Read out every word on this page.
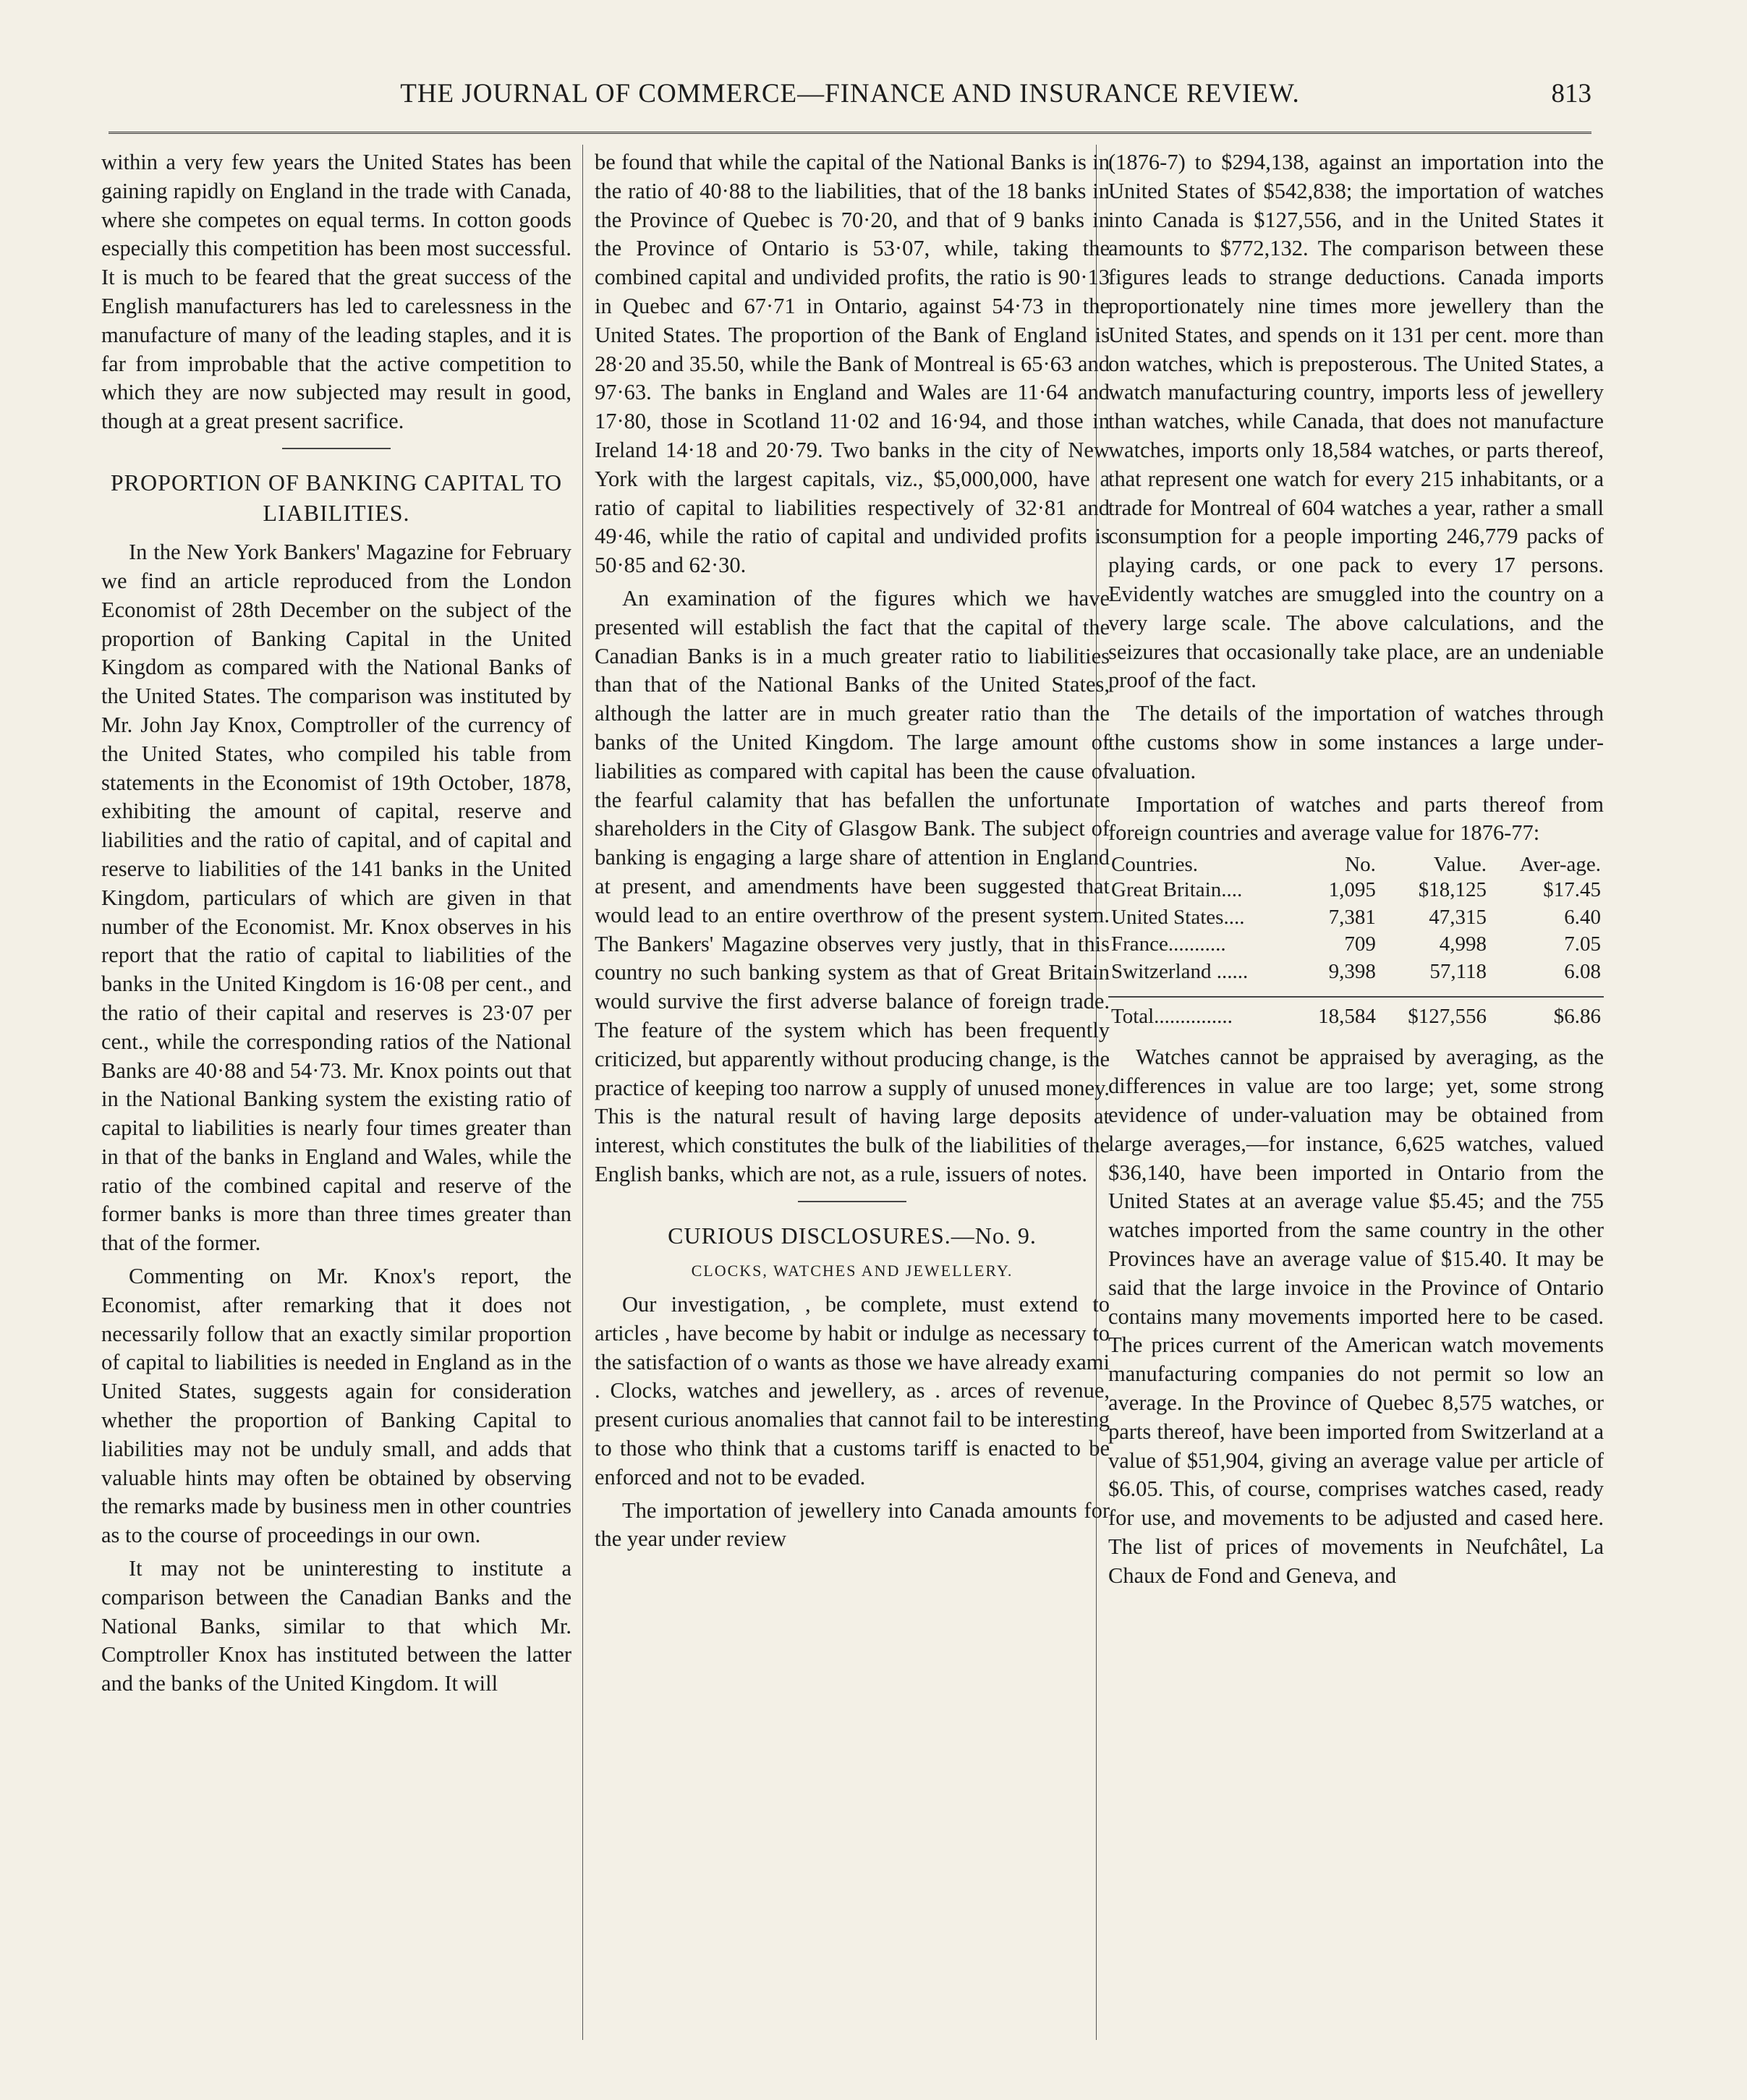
THE JOURNAL OF COMMERCE—FINANCE AND INSURANCE REVIEW.	813

within a very few years the United States has been gaining rapidly on England in the trade with Canada, where she competes on equal terms. In cotton goods especially this competition has been most successful. It is much to be feared that the great success of the English manufacturers has led to carelessness in the manufacture of many of the leading staples, and it is far from improbable that the active competition to which they are now subjected may result in good, though at a great present sacrifice.

PROPORTION OF BANKING CAPITAL TO LIABILITIES.

In the New York Bankers' Magazine for February we find an article reproduced from the London Economist of 28th December on the subject of the proportion of Banking Capital in the United Kingdom as compared with the National Banks of the United States. The comparison was instituted by Mr. John Jay Knox, Comptroller of the currency of the United States, who compiled his table from statements in the Economist of 19th October, 1878, exhibiting the amount of capital, reserve and liabilities and the ratio of capital, and of capital and reserve to liabilities of the 141 banks in the United Kingdom, particulars of which are given in that number of the Economist. Mr. Knox observes in his report that the ratio of capital to liabilities of the banks in the United Kingdom is 16·08 per cent., and the ratio of their capital and reserves is 23·07 per cent., while the corresponding ratios of the National Banks are 40·88 and 54·73. Mr. Knox points out that in the National Banking system the existing ratio of capital to liabilities is nearly four times greater than in that of the banks in England and Wales, while the ratio of the combined capital and reserve of the former banks is more than three times greater than that of the former.

Commenting on Mr. Knox's report, the Economist, after remarking that it does not necessarily follow that an exactly similar proportion of capital to liabilities is needed in England as in the United States, suggests again for consideration whether the proportion of Banking Capital to liabilities may not be unduly small, and adds that valuable hints may often be obtained by observing the remarks made by business men in other countries as to the course of proceedings in our own.

It may not be uninteresting to institute a comparison between the Canadian Banks and the National Banks, similar to that which Mr. Comptroller Knox has instituted between the latter and the banks of the United Kingdom. It will

be found that while the capital of the National Banks is in the ratio of 40·88 to the liabilities, that of the 18 banks in the Province of Quebec is 70·20, and that of 9 banks in the Province of Ontario is 53·07, while, taking the combined capital and undivided profits, the ratio is 90·13 in Quebec and 67·71 in Ontario, against 54·73 in the United States. The proportion of the Bank of England is 28·20 and 35.50, while the Bank of Montreal is 65·63 and 97·63. The banks in England and Wales are 11·64 and 17·80, those in Scotland 11·02 and 16·94, and those in Ireland 14·18 and 20·79. Two banks in the city of New York with the largest capitals, viz., $5,000,000, have a ratio of capital to liabilities respectively of 32·81 and 49·46, while the ratio of capital and undivided profits is 50·85 and 62·30.

An examination of the figures which we have presented will establish the fact that the capital of the Canadian Banks is in a much greater ratio to liabilities than that of the National Banks of the United States, although the latter are in much greater ratio than the banks of the United Kingdom. The large amount of liabilities as compared with capital has been the cause of the fearful calamity that has befallen the unfortunate shareholders in the City of Glasgow Bank. The subject of banking is engaging a large share of attention in England at present, and amendments have been suggested that would lead to an entire overthrow of the present system. The Bankers' Magazine observes very justly, that in this country no such banking system as that of Great Britain would survive the first adverse balance of foreign trade. The feature of the system which has been frequently criticized, but apparently without producing change, is the practice of keeping too narrow a supply of unused money. This is the natural result of having large deposits at interest, which constitutes the bulk of the liabilities of the English banks, which are not, as a rule, issuers of notes.

CURIOUS DISCLOSURES.—No. 9.
CLOCKS, WATCHES AND JEWELLERY.

Our investigation, , be complete, must extend to articles , have become by habit or indulge as necessary to the satisfaction of o wants as those we have already exami . Clocks, watches and jewellery, as . arces of revenue, present curious anomalies that cannot fail to be interesting to those who think that a customs tariff is enacted to be enforced and not to be evaded.

The importation of jewellery into Canada amounts for the year under review

(1876-7) to $294,138, against an importation into the United States of $542,838; the importation of watches into Canada is $127,556, and in the United States it amounts to $772,132. The comparison between these figures leads to strange deductions. Canada imports proportionately nine times more jewellery than the United States, and spends on it 131 per cent. more than on watches, which is preposterous. The United States, a watch manufacturing country, imports less of jewellery than watches, while Canada, that does not manufacture watches, imports only 18,584 watches, or parts thereof, that represent one watch for every 215 inhabitants, or a trade for Montreal of 604 watches a year, rather a small consumption for a people importing 246,779 packs of playing cards, or one pack to every 17 persons. Evidently watches are smuggled into the country on a very large scale. The above calculations, and the seizures that occasionally take place, are an undeniable proof of the fact.

The details of the importation of watches through the customs show in some instances a large under-valuation.

Importation of watches and parts thereof from foreign countries and average value for 1876-77:

Countries.	No.	Value.	Aver-age.
Great Britain....	1,095	$18,125	$17.45
United States....	7,381	47,315	6.40
France...........	709	4,998	7.05
Switzerland ......	9,398	57,118	6.08

Total...............	18,584	$127,556	$6.86

Watches cannot be appraised by averaging, as the differences in value are too large; yet, some strong evidence of under-valuation may be obtained from large averages,—for instance, 6,625 watches, valued $36,140, have been imported in Ontario from the United States at an average value $5.45; and the 755 watches imported from the same country in the other Provinces have an average value of $15.40. It may be said that the large invoice in the Province of Ontario contains many movements imported here to be cased. The prices current of the American watch movements manufacturing companies do not permit so low an average. In the Province of Quebec 8,575 watches, or parts thereof, have been imported from Switzerland at a value of $51,904, giving an average value per article of $6.05. This, of course, comprises watches cased, ready for use, and movements to be adjusted and cased here. The list of prices of movements in Neufchâtel, La Chaux de Fond and Geneva, and
